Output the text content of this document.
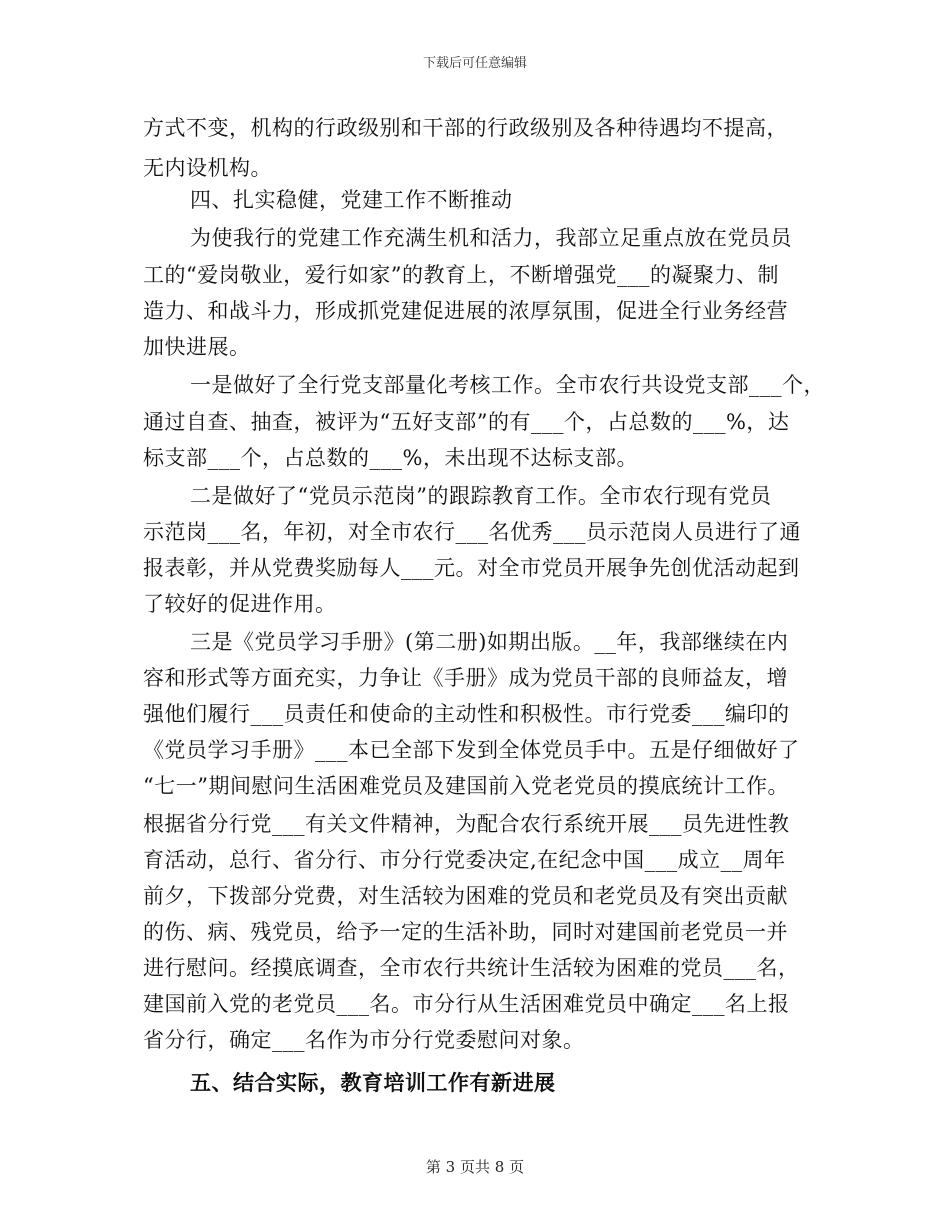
下载后可任意编辑
方式不变，机构的行政级别和干部的行政级别及各种待遇均不提高，
无内设机构。
四、扎实稳健，党建工作不断推动
为使我行的党建工作充满生机和活力，我部立足重点放在党员员
工的“爱岗敬业，爱行如家”的教育上，不断增强党___的凝聚力、制
造力、和战斗力，形成抓党建促进展的浓厚氛围，促进全行业务经营
加快进展。
一是做好了全行党支部量化考核工作。全市农行共设党支部___个，
通过自查、抽查，被评为“五好支部”的有___个，占总数的___%，达
标支部___个，占总数的___%，未出现不达标支部。
二是做好了“党员示范岗”的跟踪教育工作。全市农行现有党员
示范岗___名，年初，对全市农行___名优秀___员示范岗人员进行了通
报表彰，并从党费奖励每人___元。对全市党员开展争先创优活动起到
了较好的促进作用。
三是《党员学习手册》(第二册)如期出版。__年，我部继续在内
容和形式等方面充实，力争让《手册》成为党员干部的良师益友，增
强他们履行___员责任和使命的主动性和积极性。市行党委___编印的
《党员学习手册》___本已全部下发到全体党员手中。五是仔细做好了
“七一”期间慰问生活困难党员及建国前入党老党员的摸底统计工作。
根据省分行党___有关文件精神，为配合农行系统开展___员先进性教
育活动，总行、省分行、市分行党委决定,在纪念中国___成立__周年
前夕，下拨部分党费，对生活较为困难的党员和老党员及有突出贡献
的伤、病、残党员，给予一定的生活补助，同时对建国前老党员一并
进行慰问。经摸底调查，全市农行共统计生活较为困难的党员___名，
建国前入党的老党员___名。市分行从生活困难党员中确定___名上报
省分行，确定___名作为市分行党委慰问对象。
五、结合实际，教育培训工作有新进展
第 3 页共 8 页
